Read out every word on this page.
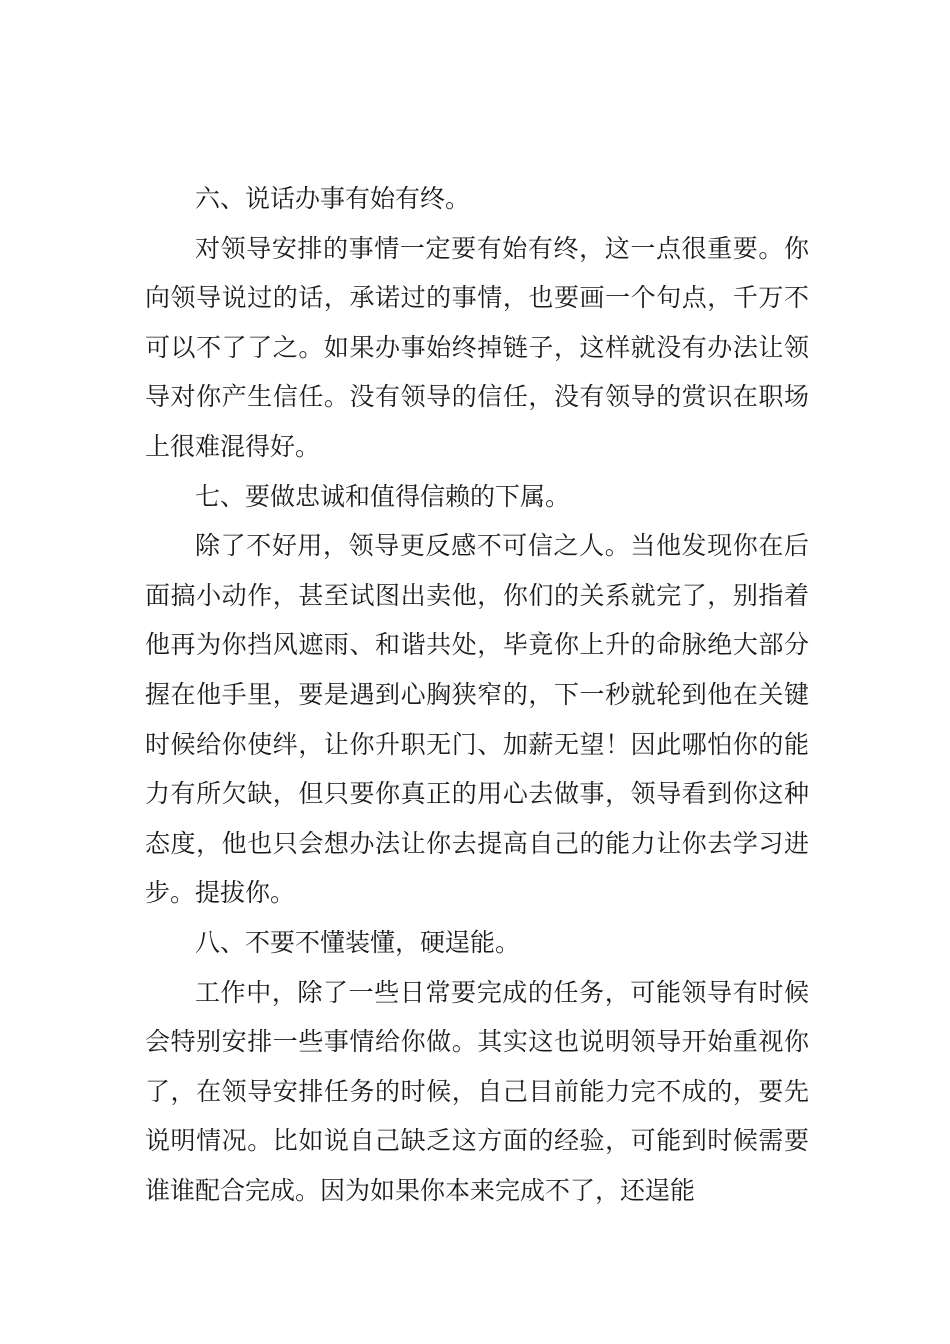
六、说话办事有始有终。

对领导安排的事情一定要有始有终，这一点很重要。你向领导说过的话，承诺过的事情，也要画一个句点，千万不可以不了了之。如果办事始终掉链子，这样就没有办法让领导对你产生信任。没有领导的信任，没有领导的赏识在职场上很难混得好。

七、要做忠诚和值得信赖的下属。

除了不好用，领导更反感不可信之人。当他发现你在后面搞小动作，甚至试图出卖他，你们的关系就完了，别指着他再为你挡风遮雨、和谐共处，毕竟你上升的命脉绝大部分握在他手里，要是遇到心胸狭窄的，下一秒就轮到他在关键时候给你使绊，让你升职无门、加薪无望！因此哪怕你的能力有所欠缺，但只要你真正的用心去做事，领导看到你这种态度，他也只会想办法让你去提高自己的能力让你去学习进步。提拔你。

八、不要不懂装懂，硬逞能。

工作中，除了一些日常要完成的任务，可能领导有时候会特别安排一些事情给你做。其实这也说明领导开始重视你了，在领导安排任务的时候，自己目前能力完不成的，要先说明情况。比如说自己缺乏这方面的经验，可能到时候需要谁谁配合完成。因为如果你本来完成不了，还逞能
